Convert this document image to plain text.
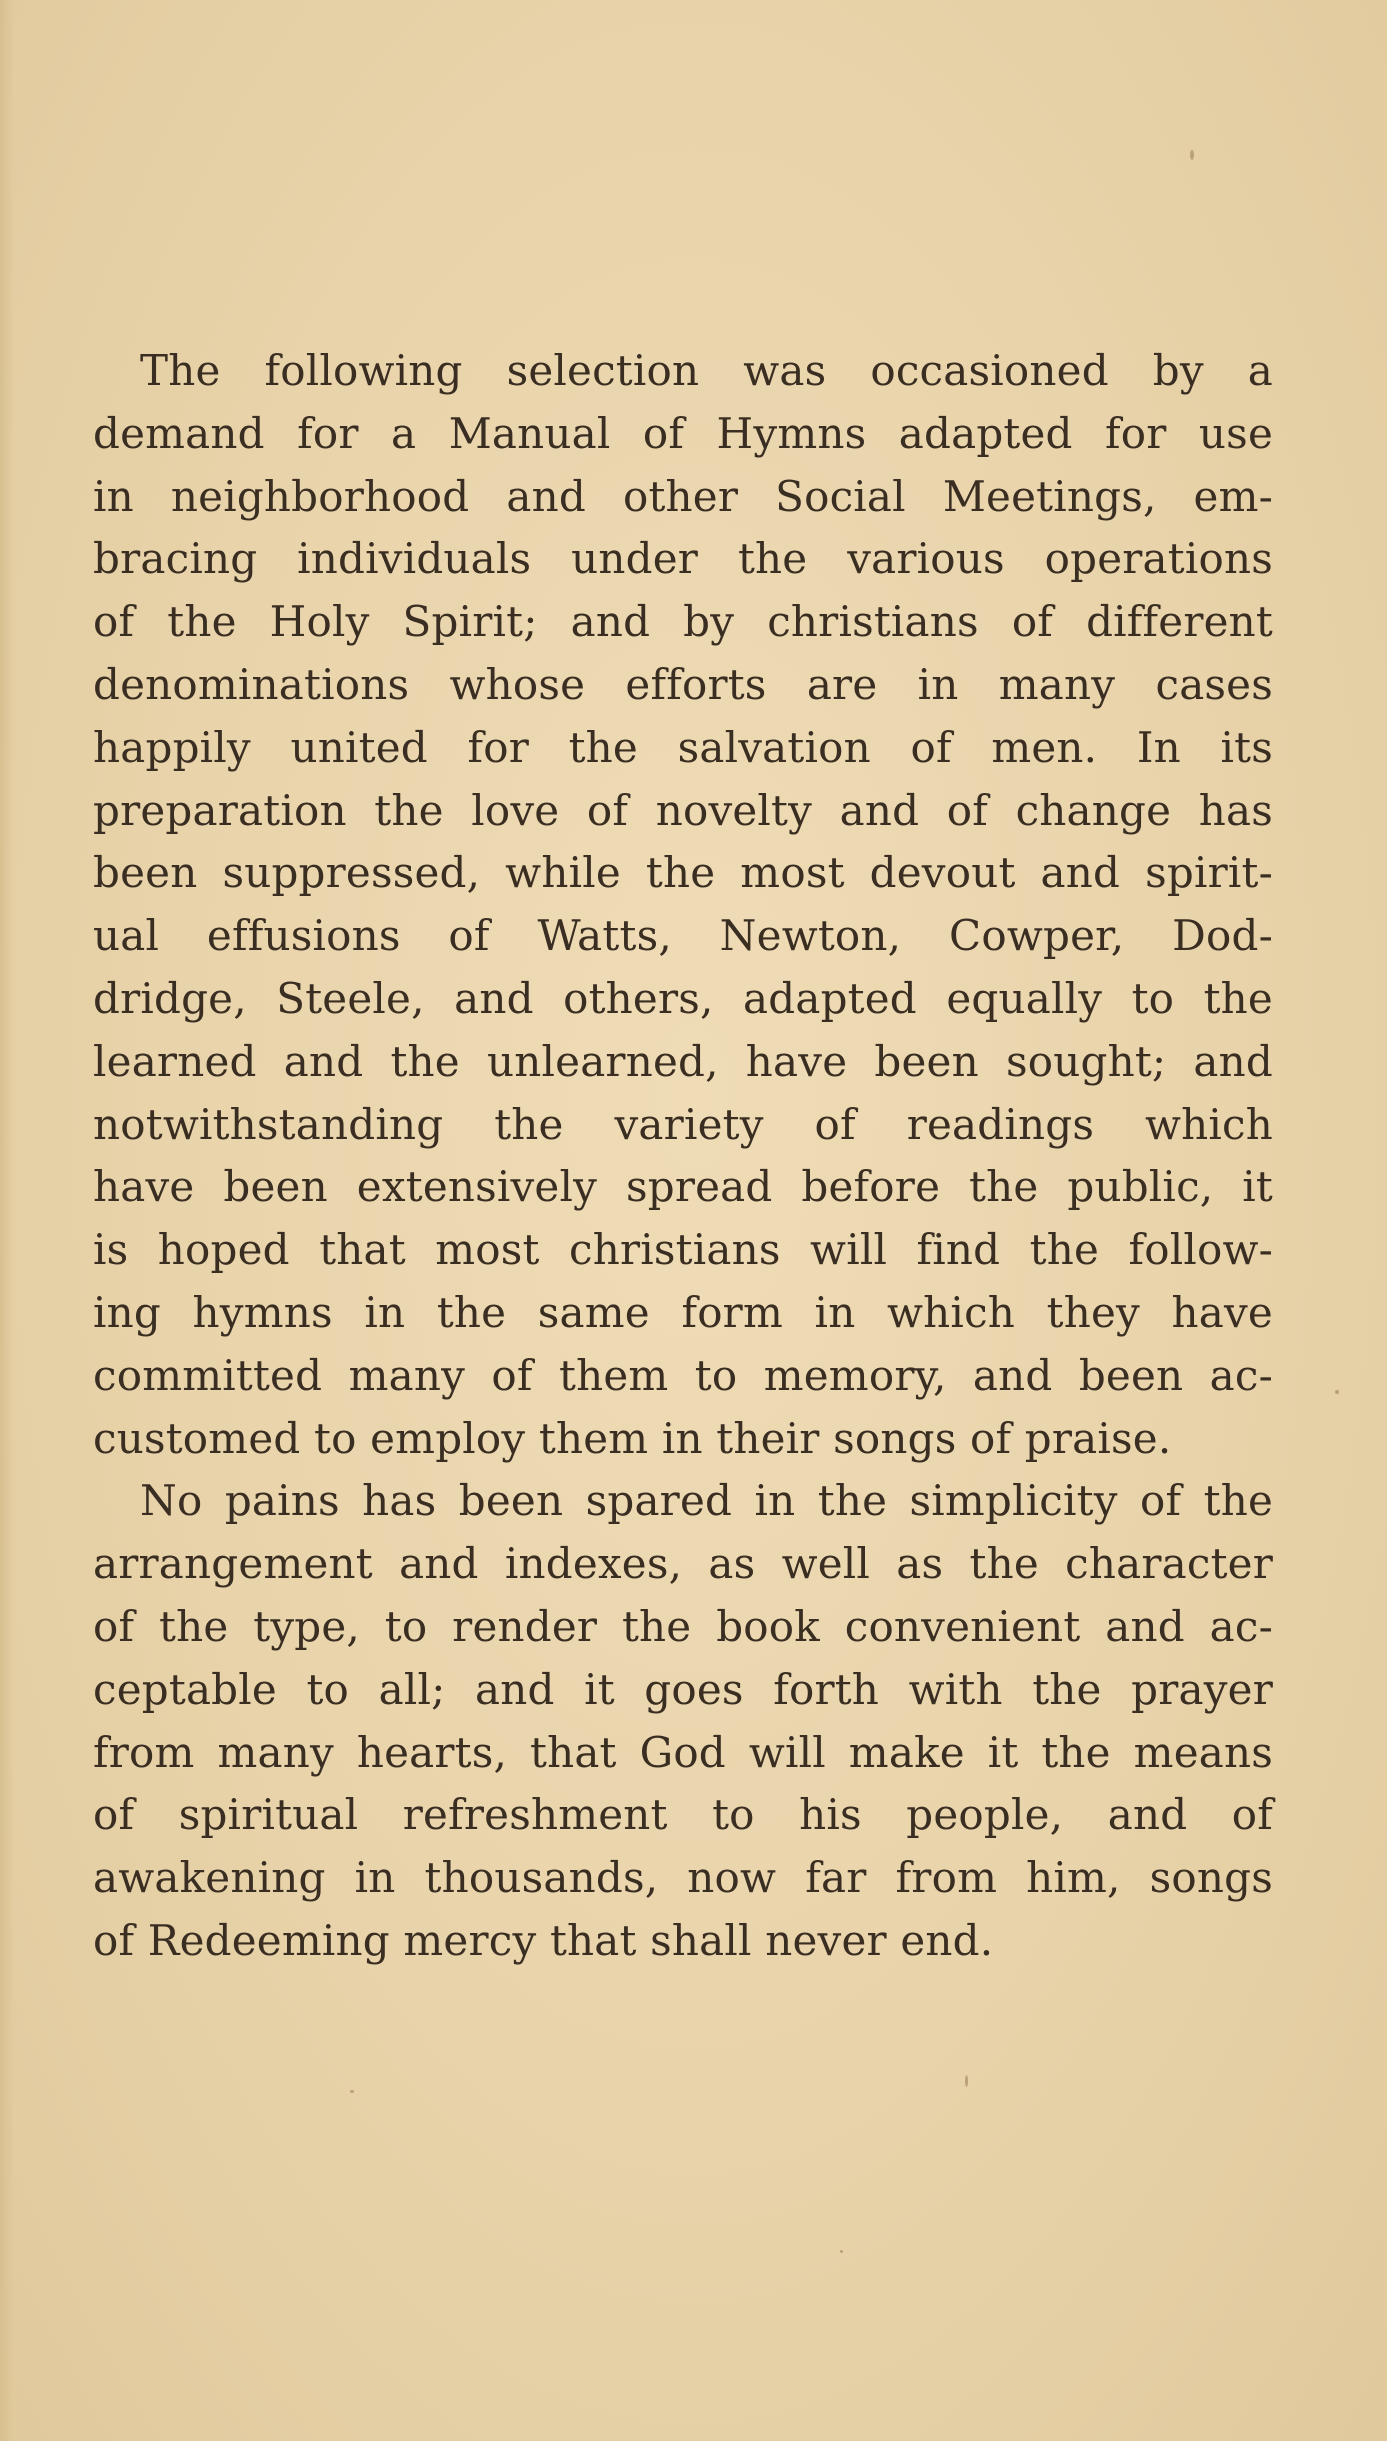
The following selection was occasioned by a
demand for a Manual of Hymns adapted for use
in neighborhood and other Social Meetings, em-
bracing individuals under the various operations
of the Holy Spirit; and by christians of different
denominations whose efforts are in many cases
happily united for the salvation of men. In its
preparation the love of novelty and of change has
been suppressed, while the most devout and spirit-
ual effusions of Watts, Newton, Cowper, Dod-
dridge, Steele, and others, adapted equally to the
learned and the unlearned, have been sought; and
notwithstanding the variety of readings which
have been extensively spread before the public, it
is hoped that most christians will find the follow-
ing hymns in the same form in which they have
committed many of them to memory, and been ac-
customed to employ them in their songs of praise.
No pains has been spared in the simplicity of the
arrangement and indexes, as well as the character
of the type, to render the book convenient and ac-
ceptable to all; and it goes forth with the prayer
from many hearts, that God will make it the means
of spiritual refreshment to his people, and of
awakening in thousands, now far from him, songs
of Redeeming mercy that shall never end.
